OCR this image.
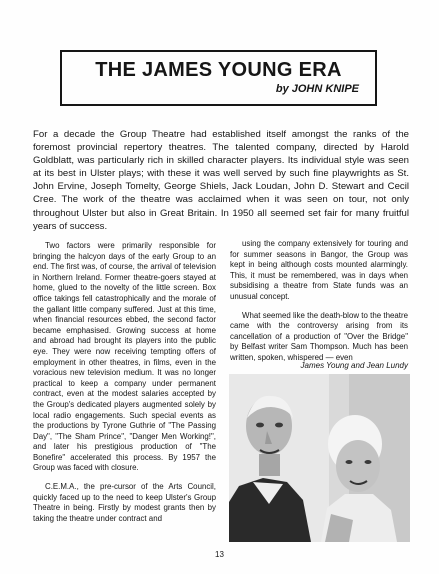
THE JAMES YOUNG ERA
by JOHN KNIPE

For a decade the Group Theatre had established itself amongst the ranks of the foremost provincial repertory theatres. The talented company, directed by Harold Goldblatt, was particularly rich in skilled character players. Its individual style was seen at its best in Ulster plays; with these it was well served by such fine playwrights as St. John Ervine, Joseph Tomelty, George Shiels, Jack Loudan, John D. Stewart and Cecil Cree. The work of the theatre was acclaimed when it was seen on tour, not only throughout Ulster but also in Great Britain. In 1950 all seemed set fair for many fruitful years of success.

Two factors were primarily responsible for bringing the halcyon days of the early Group to an end. The first was, of course, the arrival of television in Northern Ireland. Former theatre-goers stayed at home, glued to the novelty of the little screen. Box office takings fell catastrophically and the morale of the gallant little company suffered. Just at this time, when financial resources ebbed, the second factor became emphasised. Growing success at home and abroad had brought its players into the public eye. They were now receiving tempting offers of employment in other theatres, in films, even in the voracious new television medium. It was no longer practical to keep a company under permanent contract, even at the modest salaries accepted by the Group's dedicated players augmented solely by local radio engagements. Such special events as the productions by Tyrone Guthrie of "The Passing Day", "The Sham Prince", "Danger Men Working!", and later his prestigious production of "The Bonefire" accelerated this process. By 1957 the Group was faced with closure.

C.E.M.A., the pre-cursor of the Arts Council, quickly faced up to the need to keep Ulster's Group Theatre in being. Firstly by modest grants then by taking the theatre under contract and

using the company extensively for touring and for summer seasons in Bangor, the Group was kept in being although costs mounted alarmingly. This, it must be remembered, was in days when subsidising a theatre from State funds was an unusual concept.

What seemed like the death-blow to the theatre came with the controversy arising from its cancellation of a production of "Over the Bridge" by Belfast writer Sam Thompson. Much has been written, spoken, whispered — even

James Young and Jean Lundy
13
